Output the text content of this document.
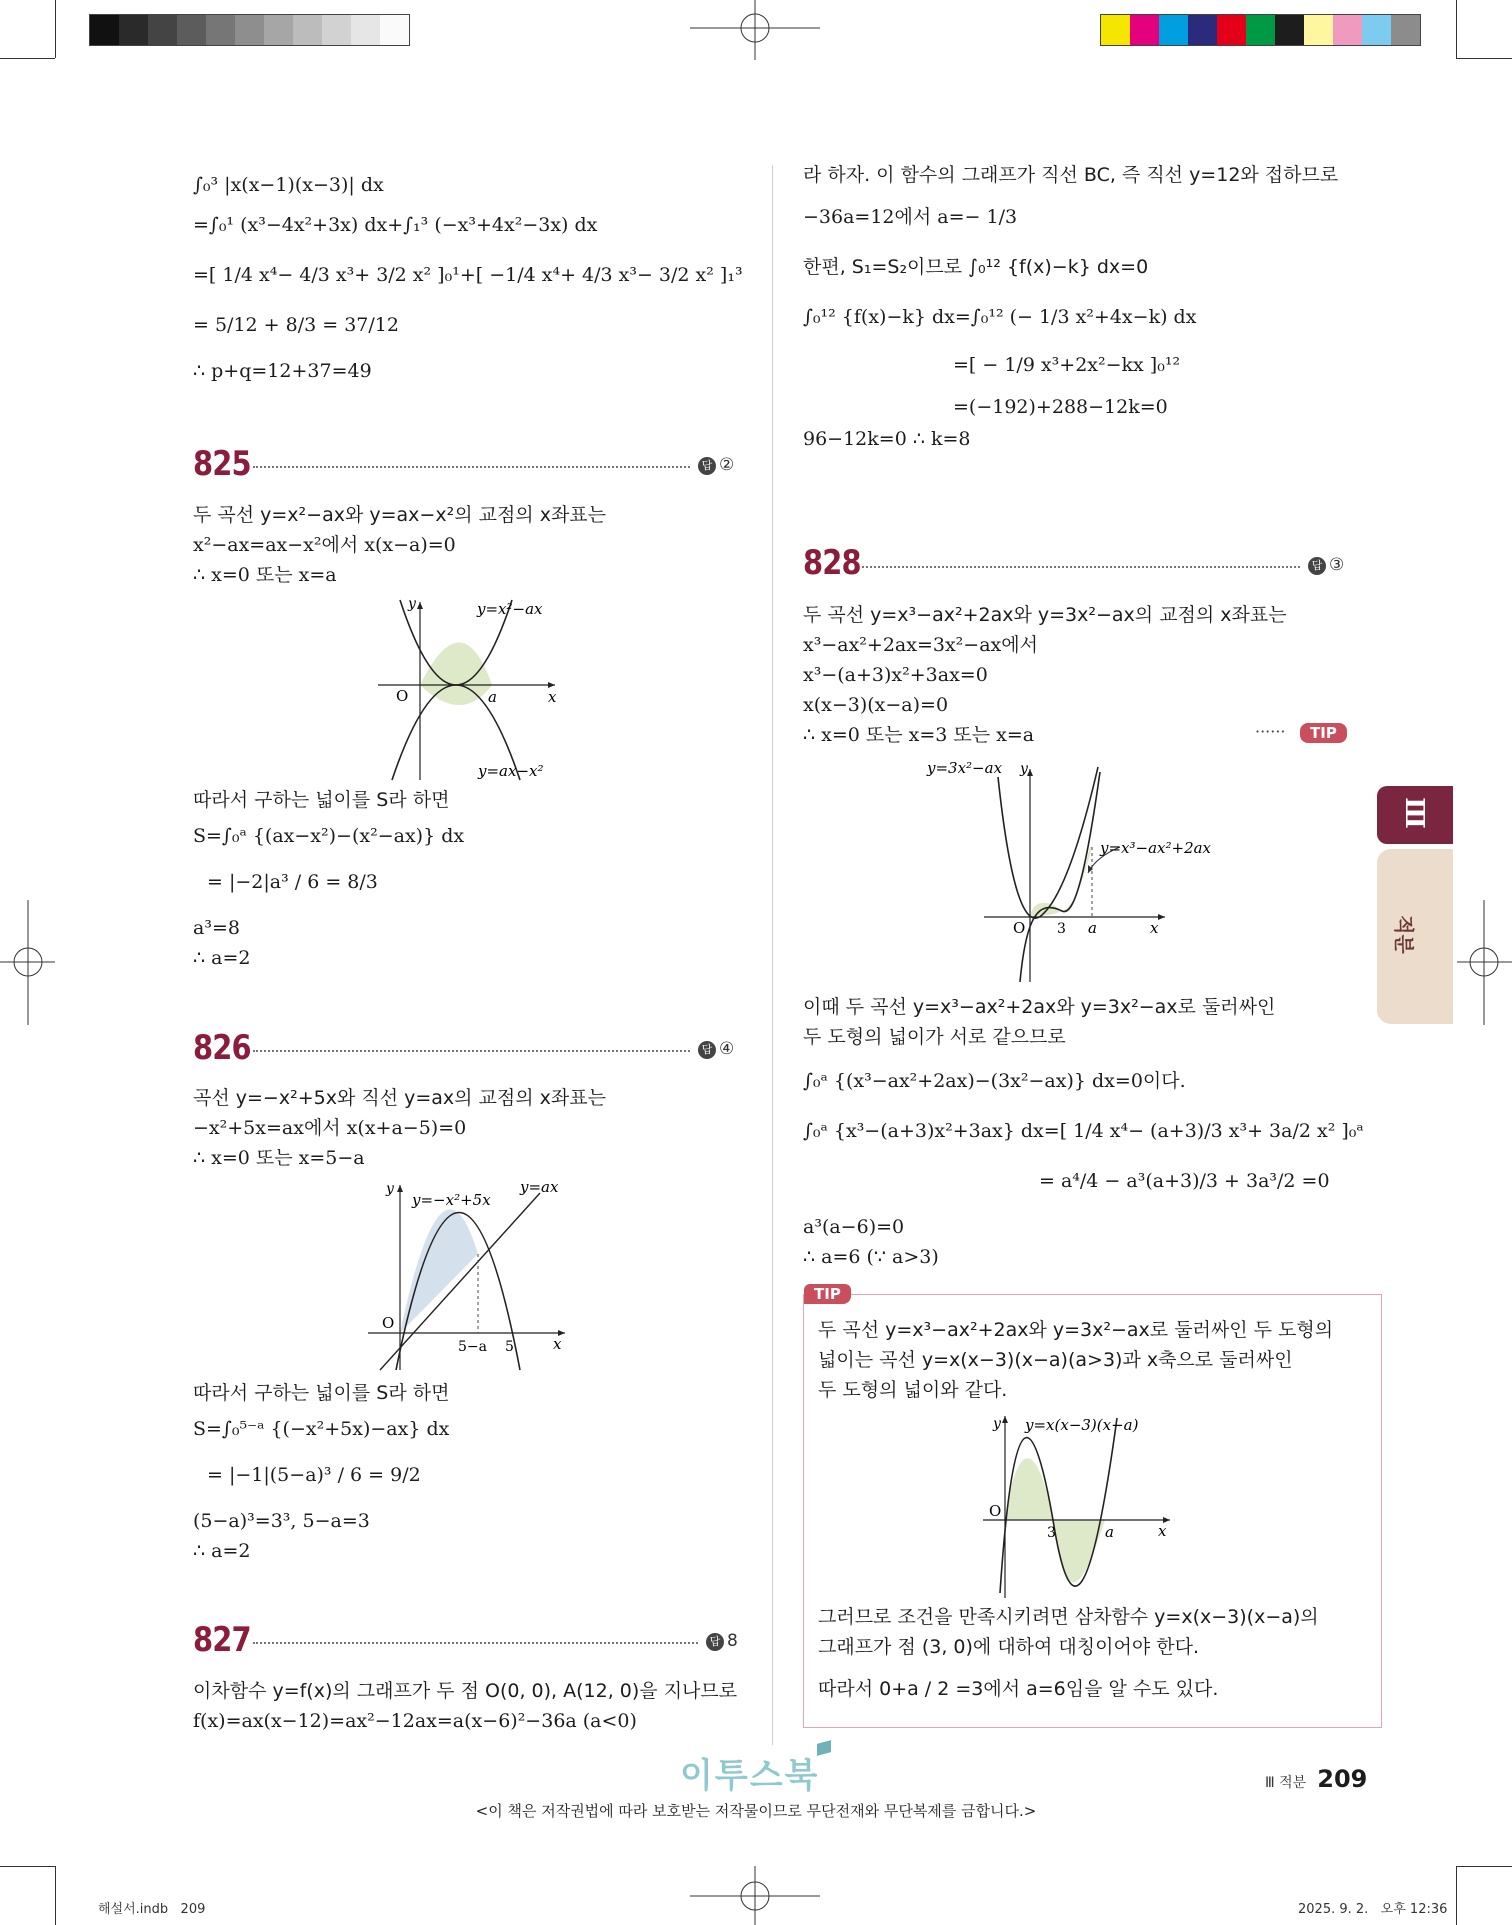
∫₀³ |x(x−1)(x−3)| dx
=∫₀¹ (x³−4x²+3x) dx+∫₁³ (−x³+4x²−3x) dx
=[ 1/4 x⁴− 4/3 x³+ 3/2 x² ]₀¹+[ −1/4 x⁴+ 4/3 x³− 3/2 x² ]₁³
= 5/12 + 8/3 = 37/12
∴ p+q=12+37=49
825	답 ②
두 곡선 y=x²−ax와 y=ax−x²의 교점의 x좌표는
x²−ax=ax−x²에서 x(x−a)=0
∴ x=0 또는 x=a
y
x
O	a
y=x²−ax
y=ax−x²
따라서 구하는 넓이를 S라 하면
S=∫₀ᵃ {(ax−x²)−(x²−ax)} dx
= |−2|a³ / 6 = 8/3
a³=8
∴ a=2
826	답 ④
곡선 y=−x²+5x와 직선 y=ax의 교점의 x좌표는
−x²+5x=ax에서 x(x+a−5)=0
∴ x=0 또는 x=5−a
y
x
O
5−a 5
y=−x²+5x
y=ax
따라서 구하는 넓이를 S라 하면
S=∫₀⁵⁻ᵃ {(−x²+5x)−ax} dx
= |−1|(5−a)³ / 6 = 9/2
(5−a)³=3³, 5−a=3
∴ a=2
827	답 8
이차함수 y=f(x)의 그래프가 두 점 O(0, 0), A(12, 0)을 지나므로
f(x)=ax(x−12)=ax²−12ax=a(x−6)²−36a (a<0)
라 하자. 이 함수의 그래프가 직선 BC, 즉 직선 y=12와 접하므로
−36a=12에서 a=− 1/3
한편, S₁=S₂이므로 ∫₀¹² {f(x)−k} dx=0
∫₀¹² {f(x)−k} dx=∫₀¹² (− 1/3 x²+4x−k) dx
=[ − 1/9 x³+2x²−kx ]₀¹²
=(−192)+288−12k=0
96−12k=0 ∴ k=8
828	답 ③
두 곡선 y=x³−ax²+2ax와 y=3x²−ax의 교점의 x좌표는
x³−ax²+2ax=3x²−ax에서
x³−(a+3)x²+3ax=0
x(x−3)(x−a)=0
∴ x=0 또는 x=3 또는 x=a	······	TIP
y
x
O 3 a
y=3x²−ax
y=x³−ax²+2ax
이때 두 곡선 y=x³−ax²+2ax와 y=3x²−ax로 둘러싸인
두 도형의 넓이가 서로 같으므로
∫₀ᵃ {(x³−ax²+2ax)−(3x²−ax)} dx=0이다.
∫₀ᵃ {x³−(a+3)x²+3ax} dx=[ 1/4 x⁴− (a+3)/3 x³+ 3a/2 x² ]₀ᵃ
= a⁴/4 − a³(a+3)/3 + 3a³/2 =0
a³(a−6)=0
∴ a=6 (∵ a>3)
TIP
두 곡선 y=x³−ax²+2ax와 y=3x²−ax로 둘러싸인 두 도형의
넓이는 곡선 y=x(x−3)(x−a)(a>3)과 x축으로 둘러싸인
두 도형의 넓이와 같다.
y
x
O
3	a
y=x(x−3)(x−a)
그러므로 조건을 만족시키려면 삼차함수 y=x(x−3)(x−a)의
그래프가 점 (3, 0)에 대하여 대칭이어야 한다.
따라서 0+a / 2 =3에서 a=6임을 알 수도 있다.
Ⅲ
적분
이투스북	Ⅲ 적분 209
<이 책은 저작권법에 따라 보호받는 저작물이므로 무단전재와 무단복제를 금합니다.>
해설서.indb   209	2025. 9. 2.   오후 12:36
